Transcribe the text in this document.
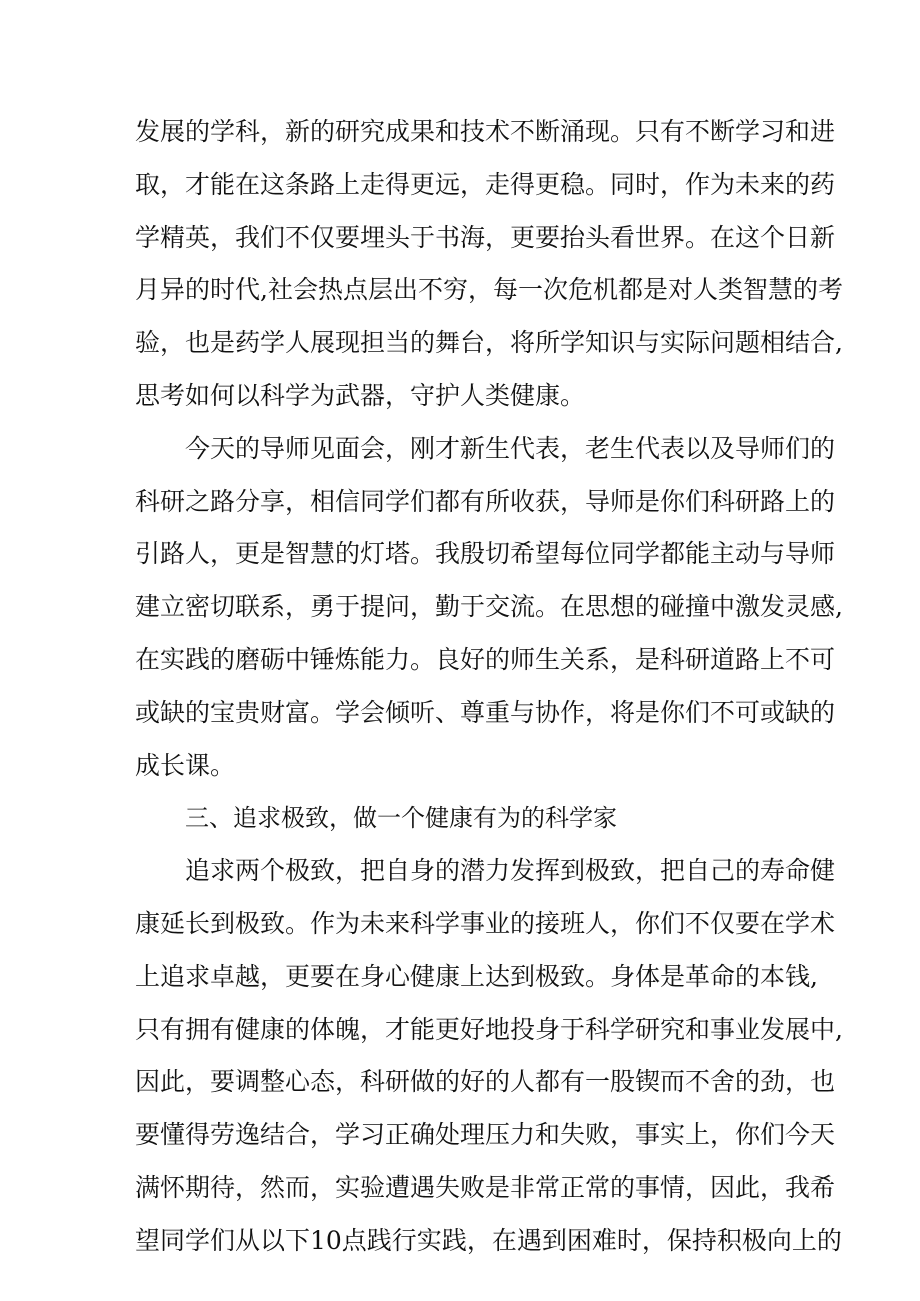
发展的学科，新的研究成果和技术不断涌现。只有不断学习和进
取，才能在这条路上走得更远，走得更稳。同时，作为未来的药
学精英，我们不仅要埋头于书海，更要抬头看世界。在这个日新
月异的时代,社会热点层出不穷，每一次危机都是对人类智慧的考
验，也是药学人展现担当的舞台，将所学知识与实际问题相结合,
思考如何以科学为武器，守护人类健康。
今天的导师见面会，刚才新生代表，老生代表以及导师们的
科研之路分享，相信同学们都有所收获，导师是你们科研路上的
引路人，更是智慧的灯塔。我殷切希望每位同学都能主动与导师
建立密切联系，勇于提问，勤于交流。在思想的碰撞中激发灵感,
在实践的磨砺中锤炼能力。良好的师生关系，是科研道路上不可
或缺的宝贵财富。学会倾听、尊重与协作，将是你们不可或缺的
成长课。
三、追求极致，做一个健康有为的科学家
追求两个极致，把自身的潜力发挥到极致，把自己的寿命健
康延长到极致。作为未来科学事业的接班人，你们不仅要在学术
上追求卓越，更要在身心健康上达到极致。身体是革命的本钱,
只有拥有健康的体魄，才能更好地投身于科学研究和事业发展中,
因此，要调整心态，科研做的好的人都有一股锲而不舍的劲，也
要懂得劳逸结合，学习正确处理压力和失败，事实上，你们今天
满怀期待，然而，实验遭遇失败是非常正常的事情，因此，我希
望同学们从以下10点践行实践，在遇到困难时，保持积极向上的
